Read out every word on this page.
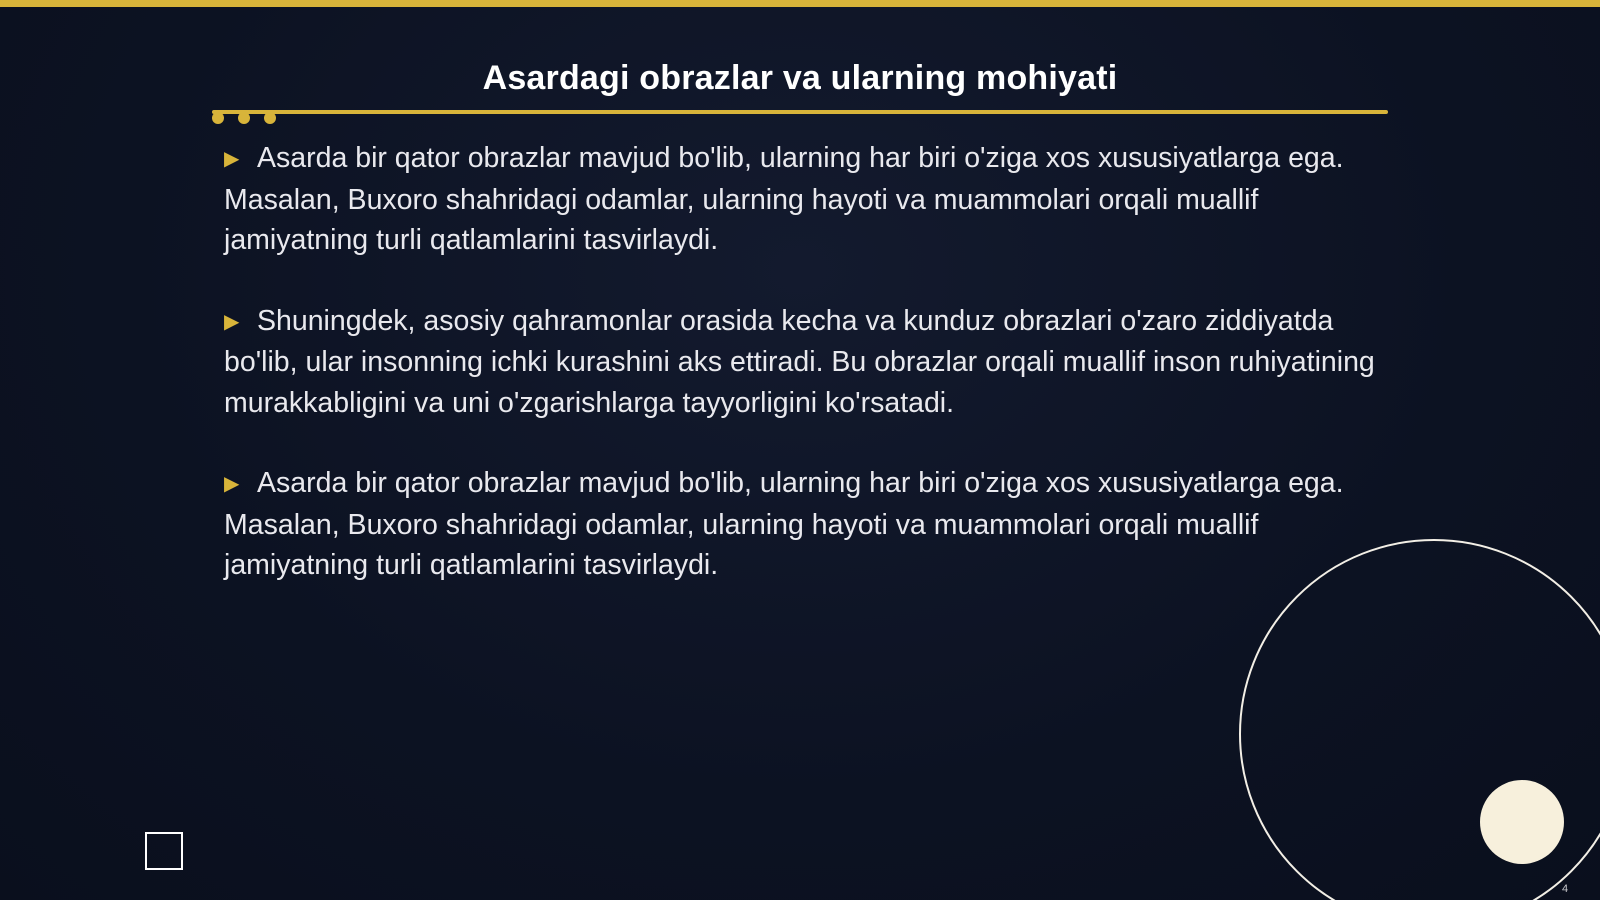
Asardagi obrazlar va ularning mohiyati

▶ Asarda bir qator obrazlar mavjud bo'lib, ularning har biri o'ziga xos xususiyatlarga ega. Masalan, Buxoro shahridagi odamlar, ularning hayoti va muammolari orqali muallif jamiyatning turli qatlamlarini tasvirlaydi.

▶ Shuningdek, asosiy qahramonlar orasida kecha va kunduz obrazlari o'zaro ziddiyatda bo'lib, ular insonning ichki kurashini aks ettiradi. Bu obrazlar orqali muallif inson ruhiyatining murakkabligini va uni o'zgarishlarga tayyorligini ko'rsatadi.

▶ Asarda bir qator obrazlar mavjud bo'lib, ularning har biri o'ziga xos xususiyatlarga ega. Masalan, Buxoro shahridagi odamlar, ularning hayoti va muammolari orqali muallif jamiyatning turli qatlamlarini tasvirlaydi.

4
